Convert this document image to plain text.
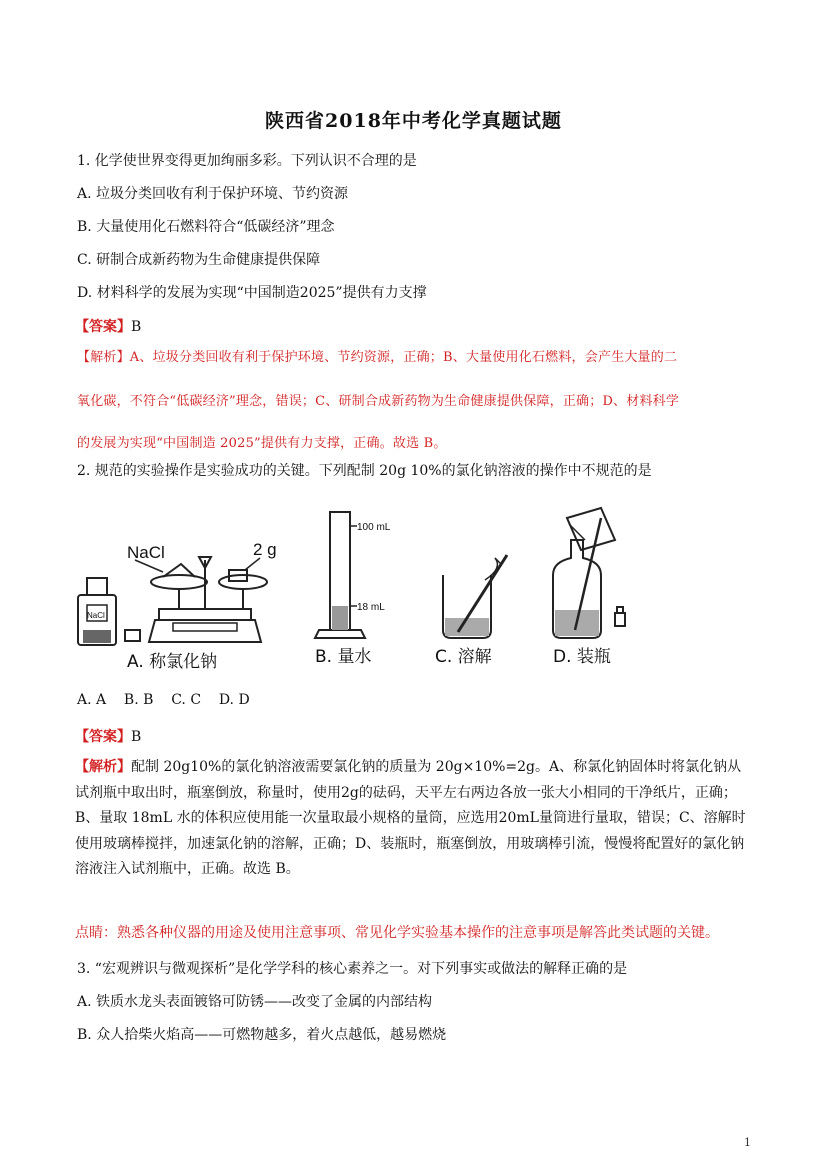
陕西省2018年中考化学真题试题
1. 化学使世界变得更加绚丽多彩。下列认识不合理的是
A. 垃圾分类回收有利于保护环境、节约资源
B. 大量使用化石燃料符合“低碳经济”理念
C. 研制合成新药物为生命健康提供保障
D. 材料科学的发展为实现“中国制造2025”提供有力支撑
【答案】B
【解析】A、垃圾分类回收有利于保护环境、节约资源，正确；B、大量使用化石燃料，会产生大量的二
氧化碳，不符合“低碳经济”理念，错误；C、研制合成新药物为生命健康提供保障，正确；D、材料科学
的发展为实现“中国制造 2025”提供有力支撑，正确。故选 B。
2. 规范的实验操作是实验成功的关键。下列配制 20g 10%的氯化钠溶液的操作中不规范的是
NaCl	2 g
NaCl
100 mL
18 mL
A. 称氯化钠	B. 量水	C. 溶解	D. 装瓶
A. A    B. B    C. C    D. D
【答案】B
【解析】配制 20g10%的氯化钠溶液需要氯化钠的质量为 20g×10%=2g。A、称氯化钠固体时将氯化钠从试剂瓶中取出时，瓶塞倒放，称量时，使用2g的砝码，天平左右两边各放一张大小相同的干净纸片，正确；B、量取 18mL 水的体积应使用能一次量取最小规格的量筒，应选用20mL量筒进行量取，错误；C、溶解时使用玻璃棒搅拌，加速氯化钠的溶解，正确；D、装瓶时，瓶塞倒放，用玻璃棒引流，慢慢将配置好的氯化钠溶液注入试剂瓶中，正确。故选 B。
点睛：熟悉各种仪器的用途及使用注意事项、常见化学实验基本操作的注意事项是解答此类试题的关键。
3. “宏观辨识与微观探析”是化学学科的核心素养之一。对下列事实或做法的解释正确的是
A. 铁质水龙头表面镀铬可防锈——改变了金属的内部结构
B. 众人拾柴火焰高——可燃物越多，着火点越低，越易燃烧
1
